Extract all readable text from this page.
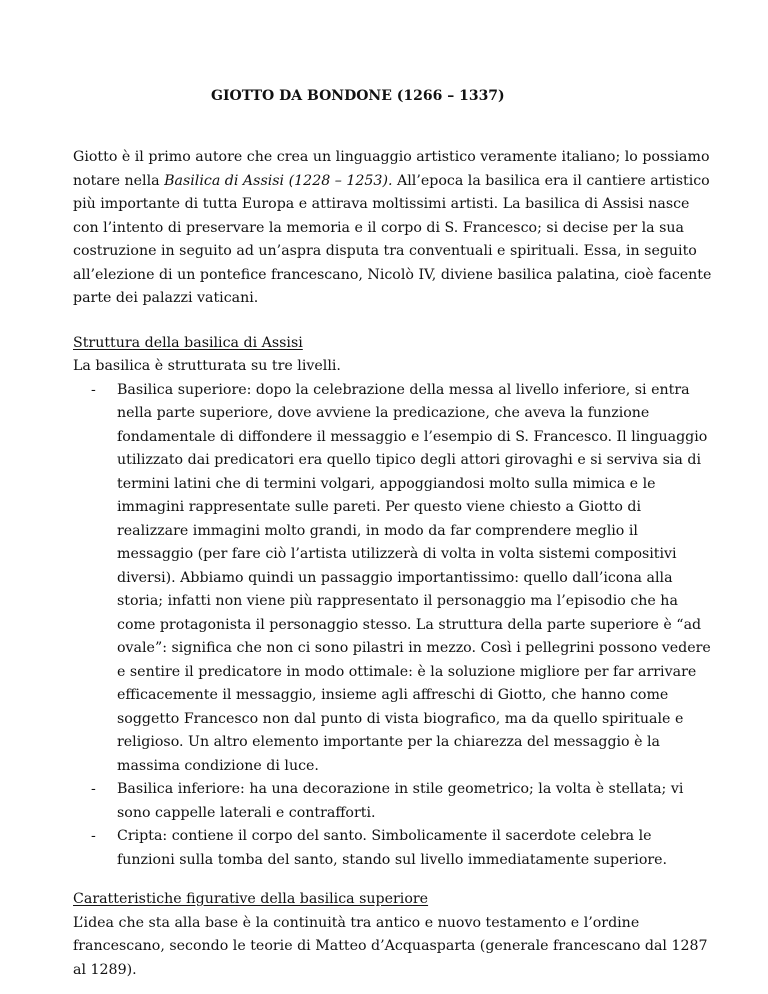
GIOTTO DA BONDONE (1266 – 1337)

Giotto è il primo autore che crea un linguaggio artistico veramente italiano; lo possiamo notare nella Basilica di Assisi (1228 – 1253). All’epoca la basilica era il cantiere artistico più importante di tutta Europa e attirava moltissimi artisti. La basilica di Assisi nasce con l’intento di preservare la memoria e il corpo di S. Francesco; si decise per la sua costruzione in seguito ad un’aspra disputa tra conventuali e spirituali. Essa, in seguito all’elezione di un pontefice francescano, Nicolò IV, diviene basilica palatina, cioè facente parte dei palazzi vaticani.

Struttura della basilica di Assisi

La basilica è strutturata su tre livelli.

- Basilica superiore: dopo la celebrazione della messa al livello inferiore, si entra nella parte superiore, dove avviene la predicazione, che aveva la funzione fondamentale di diffondere il messaggio e l’esempio di S. Francesco. Il linguaggio utilizzato dai predicatori era quello tipico degli attori girovaghi e si serviva sia di termini latini che di termini volgari, appoggiandosi molto sulla mimica e le immagini rappresentate sulle pareti. Per questo viene chiesto a Giotto di realizzare immagini molto grandi, in modo da far comprendere meglio il messaggio (per fare ciò l’artista utilizzerà di volta in volta sistemi compositivi diversi). Abbiamo quindi un passaggio importantissimo: quello dall’icona alla storia; infatti non viene più rappresentato il personaggio ma l’episodio che ha come protagonista il personaggio stesso. La struttura della parte superiore è “ad ovale”: significa che non ci sono pilastri in mezzo. Così i pellegrini possono vedere e sentire il predicatore in modo ottimale: è la soluzione migliore per far arrivare efficacemente il messaggio, insieme agli affreschi di Giotto, che hanno come soggetto Francesco non dal punto di vista biografico, ma da quello spirituale e religioso. Un altro elemento importante per la chiarezza del messaggio è la massima condizione di luce.
- Basilica inferiore: ha una decorazione in stile geometrico; la volta è stellata; vi sono cappelle laterali e contrafforti.
- Cripta: contiene il corpo del santo. Simbolicamente il sacerdote celebra le funzioni sulla tomba del santo, stando sul livello immediatamente superiore.

Caratteristiche figurative della basilica superiore

L’idea che sta alla base è la continuità tra antico e nuovo testamento e l’ordine francescano, secondo le teorie di Matteo d’Acquasparta (generale francescano dal 1287 al 1289).
